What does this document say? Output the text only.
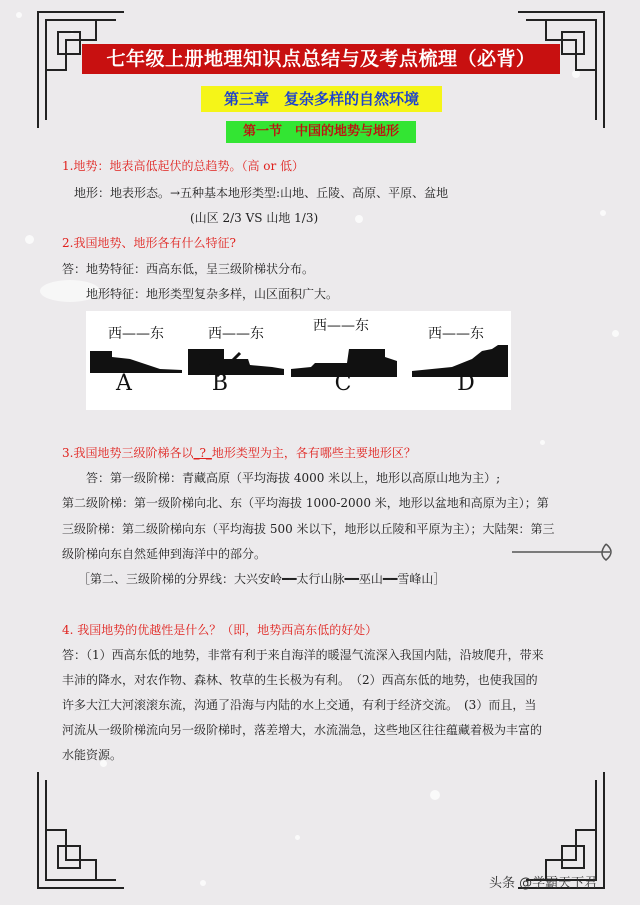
七年级上册地理知识点总结与及考点梳理（必背）
第三章　复杂多样的自然环境
第一节　中国的地势与地形
1.地势：地表高低起伏的总趋势。（高 or 低）
地形：地表形态。→五种基本地形类型:山地、丘陵、高原、平原、盆地
(山区 2/3 VS 山地 1/3)
2.我国地势、地形各有什么特征?
答：地势特征：西高东低，呈三级阶梯状分布。
地形特征：地形类型复杂多样，山区面积广大。
西——东
A
西——东
B
西——东
C
西——东
D
3.我国地势三级阶梯各以_?_地形类型为主，各有哪些主要地形区？
答：第一级阶梯：青藏高原（平均海拔 4000 米以上，地形以高原山地为主）;
第二级阶梯：第一级阶梯向北、东（平均海拔 1000-2000 米，地形以盆地和高原为主）；第
三级阶梯：第二级阶梯向东（平均海拔 500 米以下，地形以丘陵和平原为主）；大陆架：第三
级阶梯向东自然延伸到海洋中的部分。
［第二、三级阶梯的分界线：大兴安岭━━太行山脉━━巫山━━雪峰山］
4. 我国地势的优越性是什么？（即，地势西高东低的好处）
答：（1）西高东低的地势，非常有利于来自海洋的暖湿气流深入我国内陆，沿坡爬升，带来
丰沛的降水，对农作物、森林、牧草的生长极为有利。　（2）西高东低的地势，也使我国的
许多大江大河滚滚东流，沟通了沿海与内陆的水上交通，有利于经济交流。　(3）而且，当
河流从一级阶梯流向另一级阶梯时，落差增大，水流湍急，这些地区往往蕴藏着极为丰富的
水能资源。
头条 @学霸天下君
